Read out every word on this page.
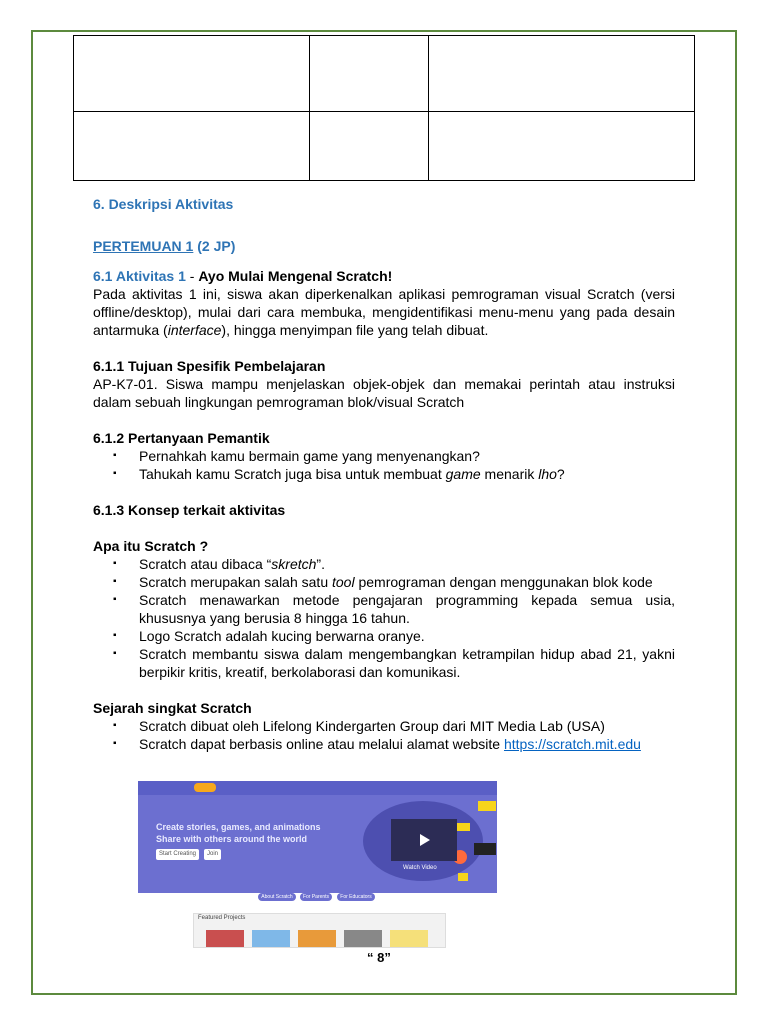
6. Deskripsi Aktivitas
PERTEMUAN 1 (2 JP)
6.1 Aktivitas 1 - Ayo Mulai Mengenal Scratch!

Pada aktivitas 1 ini, siswa akan diperkenalkan aplikasi pemrograman visual Scratch (versi offline/desktop), mulai dari cara membuka, mengidentifikasi menu-menu yang pada desain antarmuka (interface), hingga menyimpan file yang telah dibuat.

6.1.1 Tujuan Spesifik Pembelajaran

AP-K7-01. Siswa mampu menjelaskan objek-objek dan memakai perintah atau instruksi dalam sebuah lingkungan pemrograman blok/visual Scratch

6.1.2 Pertanyaan Pemantik
▪ Pernahkah kamu bermain game yang menyenangkan?
▪ Tahukah kamu Scratch juga bisa untuk membuat game menarik lho?
6.1.3 Konsep terkait aktivitas
Apa itu Scratch ?
▪ Scratch atau dibaca “skretch”.
▪ Scratch merupakan salah satu tool pemrograman dengan menggunakan blok kode
▪ Scratch menawarkan metode pengajaran programming kepada semua usia, khususnya yang berusia 8 hingga 16 tahun.
▪ Logo Scratch adalah kucing berwarna oranye.
▪ Scratch membantu siswa dalam mengembangkan ketrampilan hidup abad 21, yakni berpikir kritis, kreatif, berkolaborasi dan komunikasi.
Sejarah singkat Scratch
▪ Scratch dibuat oleh Lifelong Kindergarten Group dari MIT Media Lab (USA)
▪ Scratch dapat berbasis online atau melalui alamat website https://scratch.mit.edu
Create stories, games, and animations
Share with others around the world
Start Creating	Join
Watch Video
About Scratch	For Parents	For Educators
Featured Projects
“ 8”
